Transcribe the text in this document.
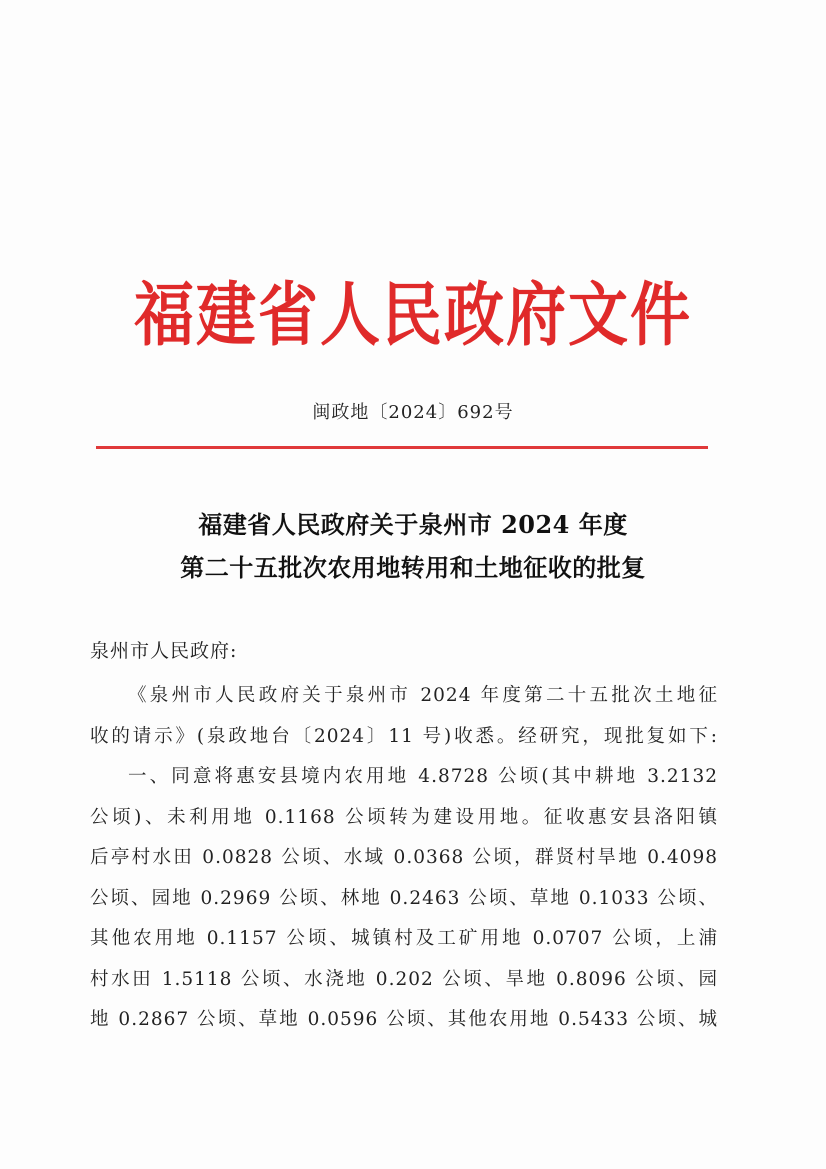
福建省人民政府文件
闽政地〔2024〕692号
福建省人民政府关于泉州市 2024 年度
第二十五批次农用地转用和土地征收的批复
泉州市人民政府:
《泉州市人民政府关于泉州市 2024 年度第二十五批次土地征
收的请示》(泉政地台〔2024〕11 号)收悉。经研究，现批复如下:
一、同意将惠安县境内农用地 4.8728 公顷(其中耕地 3.2132
公顷)、未利用地 0.1168 公顷转为建设用地。征收惠安县洛阳镇
后亭村水田 0.0828 公顷、水域 0.0368 公顷，群贤村旱地 0.4098
公顷、园地 0.2969 公顷、林地 0.2463 公顷、草地 0.1033 公顷、
其他农用地 0.1157 公顷、城镇村及工矿用地 0.0707 公顷，上浦
村水田 1.5118 公顷、水浇地 0.202 公顷、旱地 0.8096 公顷、园
地 0.2867 公顷、草地 0.0596 公顷、其他农用地 0.5433 公顷、城
